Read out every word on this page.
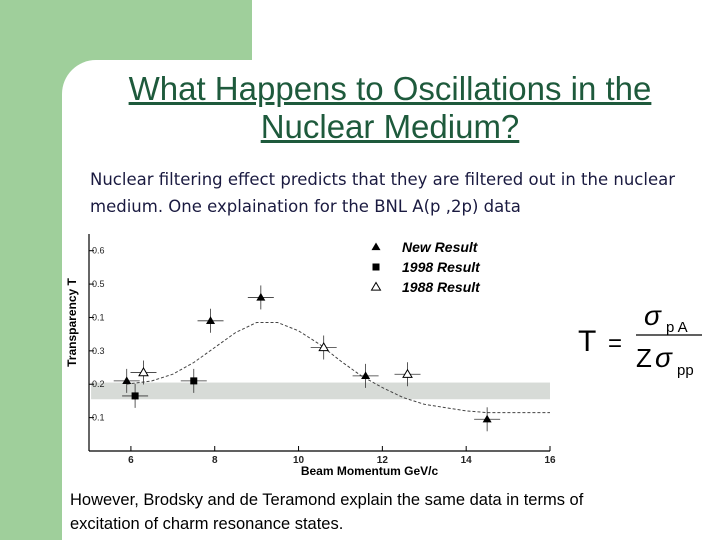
What Happens to Oscillations in the
Nuclear Medium?
Nuclear filtering effect predicts that they are filtered out in the nuclear
medium. One explaination for the BNL A(p ,2p) data
0.1
0.2
0.3
0.1
0.5
0.6
6	8	10	12	14	16
Beam Momentum GeV/c
Transparency T
New Result
1998 Result
1988 Result
T =
σ p A
Z σ pp
However, Brodsky and de Teramond explain the same data in terms of
excitation of charm resonance states.
